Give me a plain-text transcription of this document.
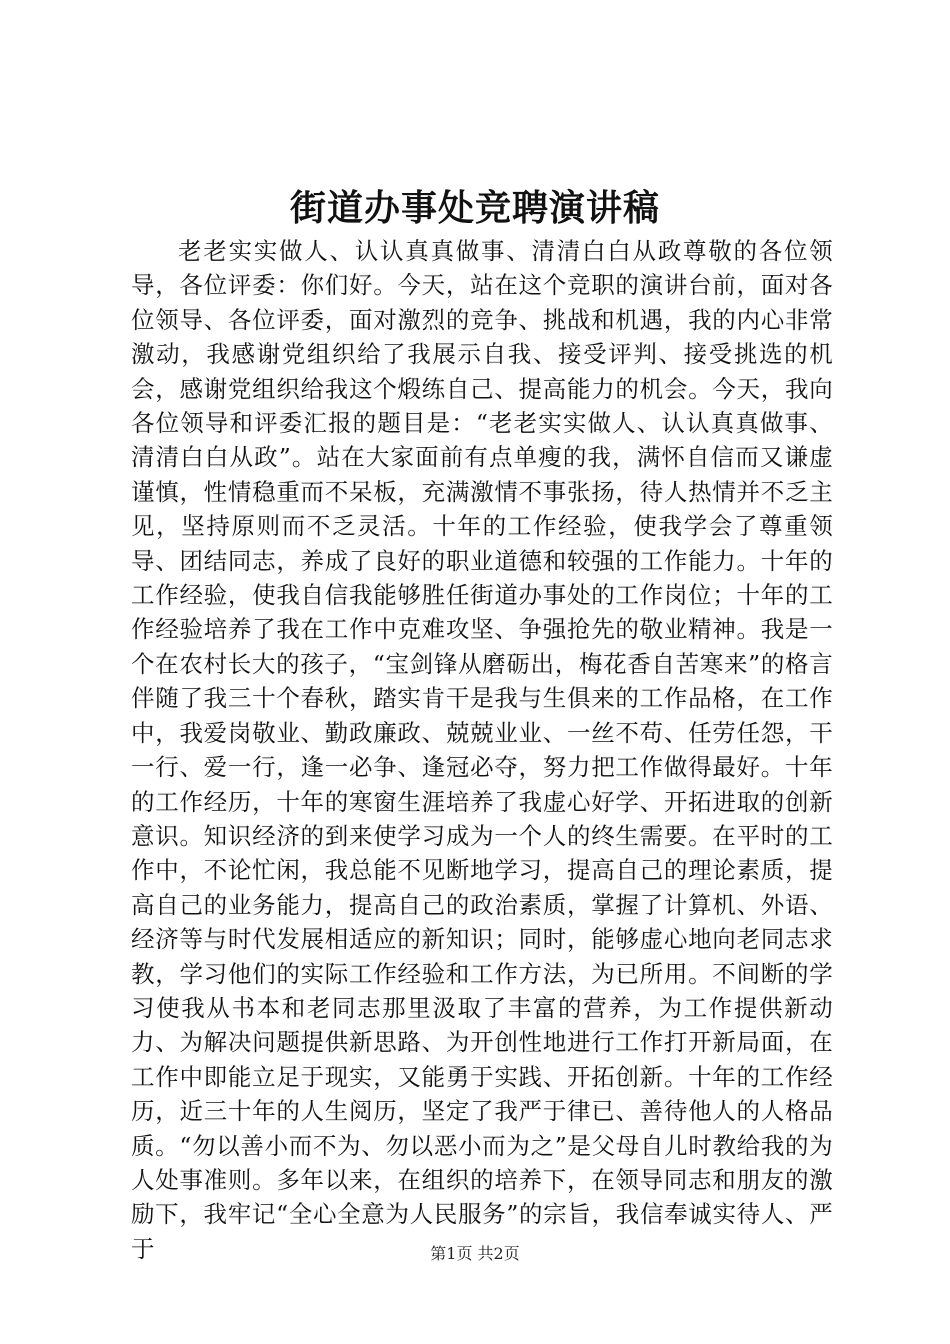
街道办事处竞聘演讲稿

老老实实做人、认认真真做事、清清白白从政尊敬的各位领导，各位评委：你们好。今天，站在这个竞职的演讲台前，面对各位领导、各位评委，面对激烈的竞争、挑战和机遇，我的内心非常激动，我感谢党组织给了我展示自我、接受评判、接受挑选的机会，感谢党组织给我这个煅练自己、提高能力的机会。今天，我向各位领导和评委汇报的题目是：“老老实实做人、认认真真做事、清清白白从政”。站在大家面前有点单瘦的我，满怀自信而又谦虚谨慎，性情稳重而不呆板，充满激情不事张扬，待人热情并不乏主见，坚持原则而不乏灵活。十年的工作经验，使我学会了尊重领导、团结同志，养成了良好的职业道德和较强的工作能力。十年的工作经验，使我自信我能够胜任街道办事处的工作岗位；十年的工作经验培养了我在工作中克难攻坚、争强抢先的敬业精神。我是一个在农村长大的孩子，“宝剑锋从磨砺出，梅花香自苦寒来”的格言伴随了我三十个春秋，踏实肯干是我与生俱来的工作品格，在工作中，我爱岗敬业、勤政廉政、兢兢业业、一丝不苟、任劳任怨，干一行、爱一行，逢一必争、逢冠必夺，努力把工作做得最好。十年的工作经历，十年的寒窗生涯培养了我虚心好学、开拓进取的创新意识。知识经济的到来使学习成为一个人的终生需要。在平时的工作中，不论忙闲，我总能不见断地学习，提高自己的理论素质，提高自己的业务能力，提高自己的政治素质，掌握了计算机、外语、经济等与时代发展相适应的新知识；同时，能够虚心地向老同志求教，学习他们的实际工作经验和工作方法，为已所用。不间断的学习使我从书本和老同志那里汲取了丰富的营养，为工作提供新动力、为解决问题提供新思路、为开创性地进行工作打开新局面，在工作中即能立足于现实，又能勇于实践、开拓创新。十年的工作经历，近三十年的人生阅历，坚定了我严于律已、善待他人的人格品质。“勿以善小而不为、勿以恶小而为之”是父母自儿时教给我的为人处事准则。多年以来，在组织的培养下，在领导同志和朋友的激励下，我牢记“全心全意为人民服务”的宗旨，我信奉诚实待人、严于	第1页 共2页
